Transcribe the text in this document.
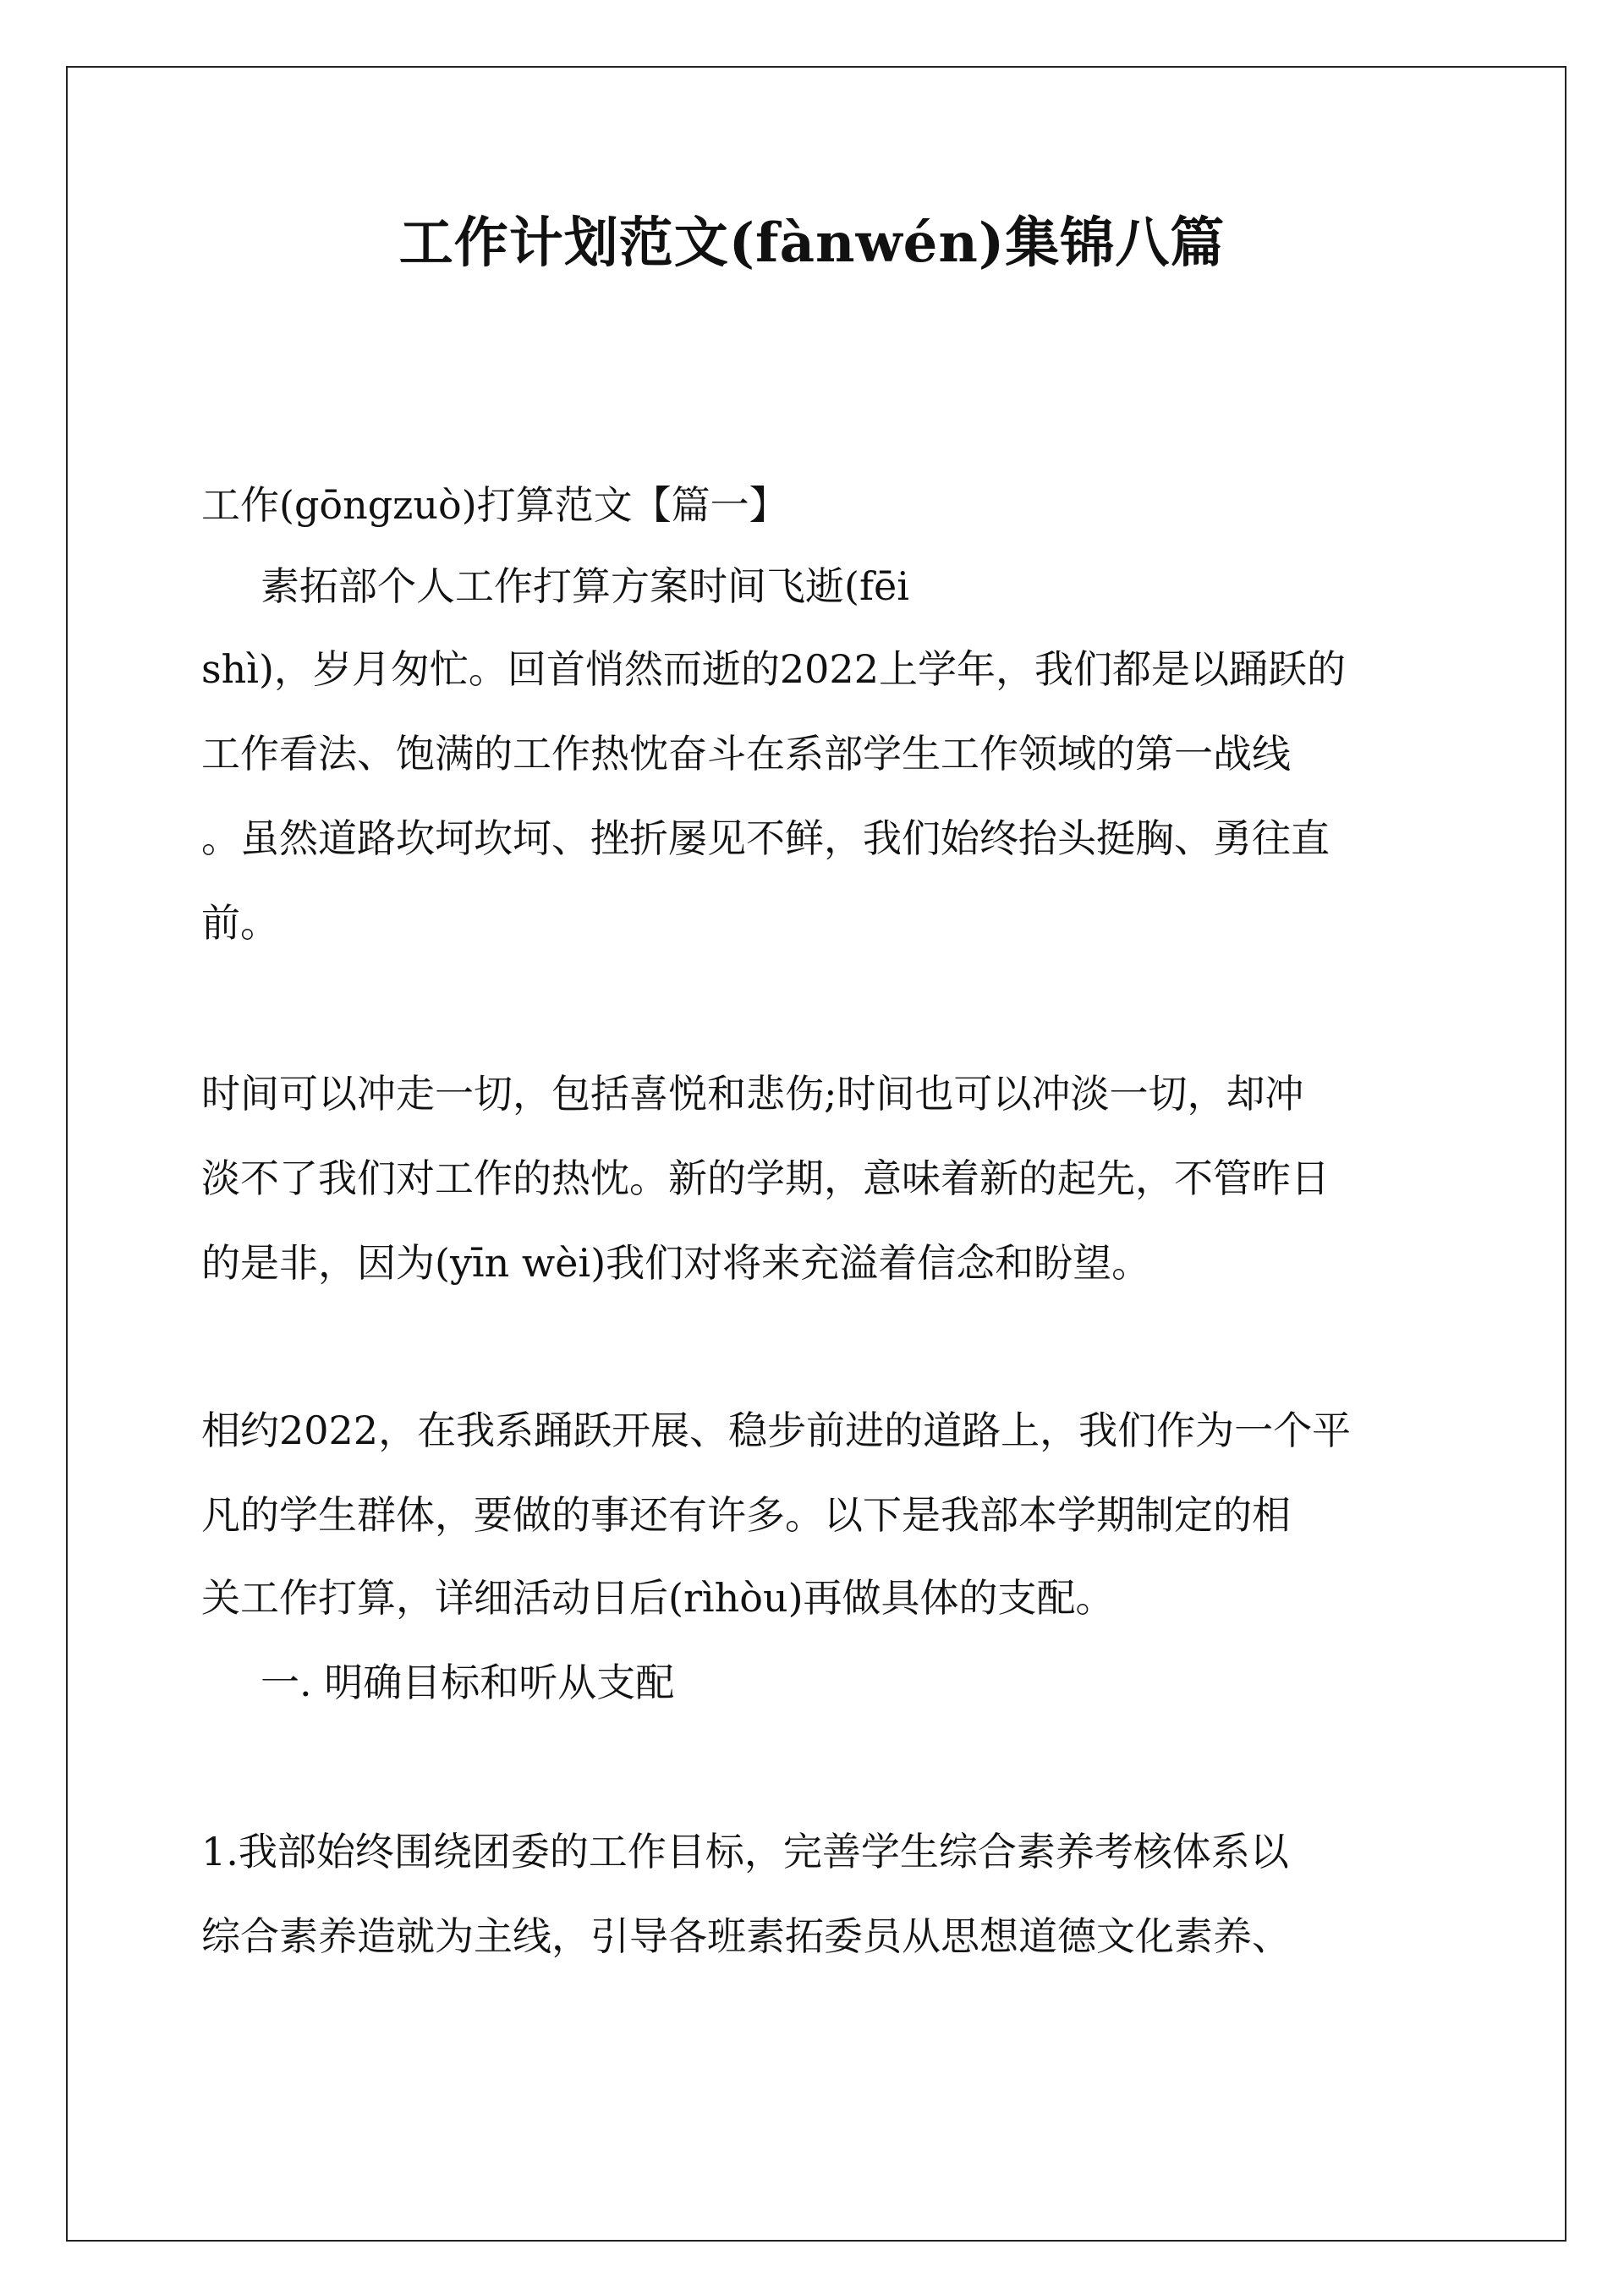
工作计划范文(fànwén)集锦八篇
工作(gōngzuò)打算范文【篇一】
素拓部个人工作打算方案时间飞逝(fēi
shì)，岁月匆忙。回首悄然而逝的2022上学年，我们都是以踊跃的
工作看法、饱满的工作热忱奋斗在系部学生工作领域的第一战线
。虽然道路坎坷坎坷、挫折屡见不鲜，我们始终抬头挺胸、勇往直
前。
时间可以冲走一切，包括喜悦和悲伤;时间也可以冲淡一切，却冲
淡不了我们对工作的热忱。新的学期，意味着新的起先，不管昨日
的是非，因为(yīn wèi)我们对将来充溢着信念和盼望。
相约2022，在我系踊跃开展、稳步前进的道路上，我们作为一个平
凡的学生群体，要做的事还有许多。以下是我部本学期制定的相
关工作打算，详细活动日后(rìhòu)再做具体的支配。
一. 明确目标和听从支配
1.我部始终围绕团委的工作目标，完善学生综合素养考核体系以
综合素养造就为主线，引导各班素拓委员从思想道德文化素养、
